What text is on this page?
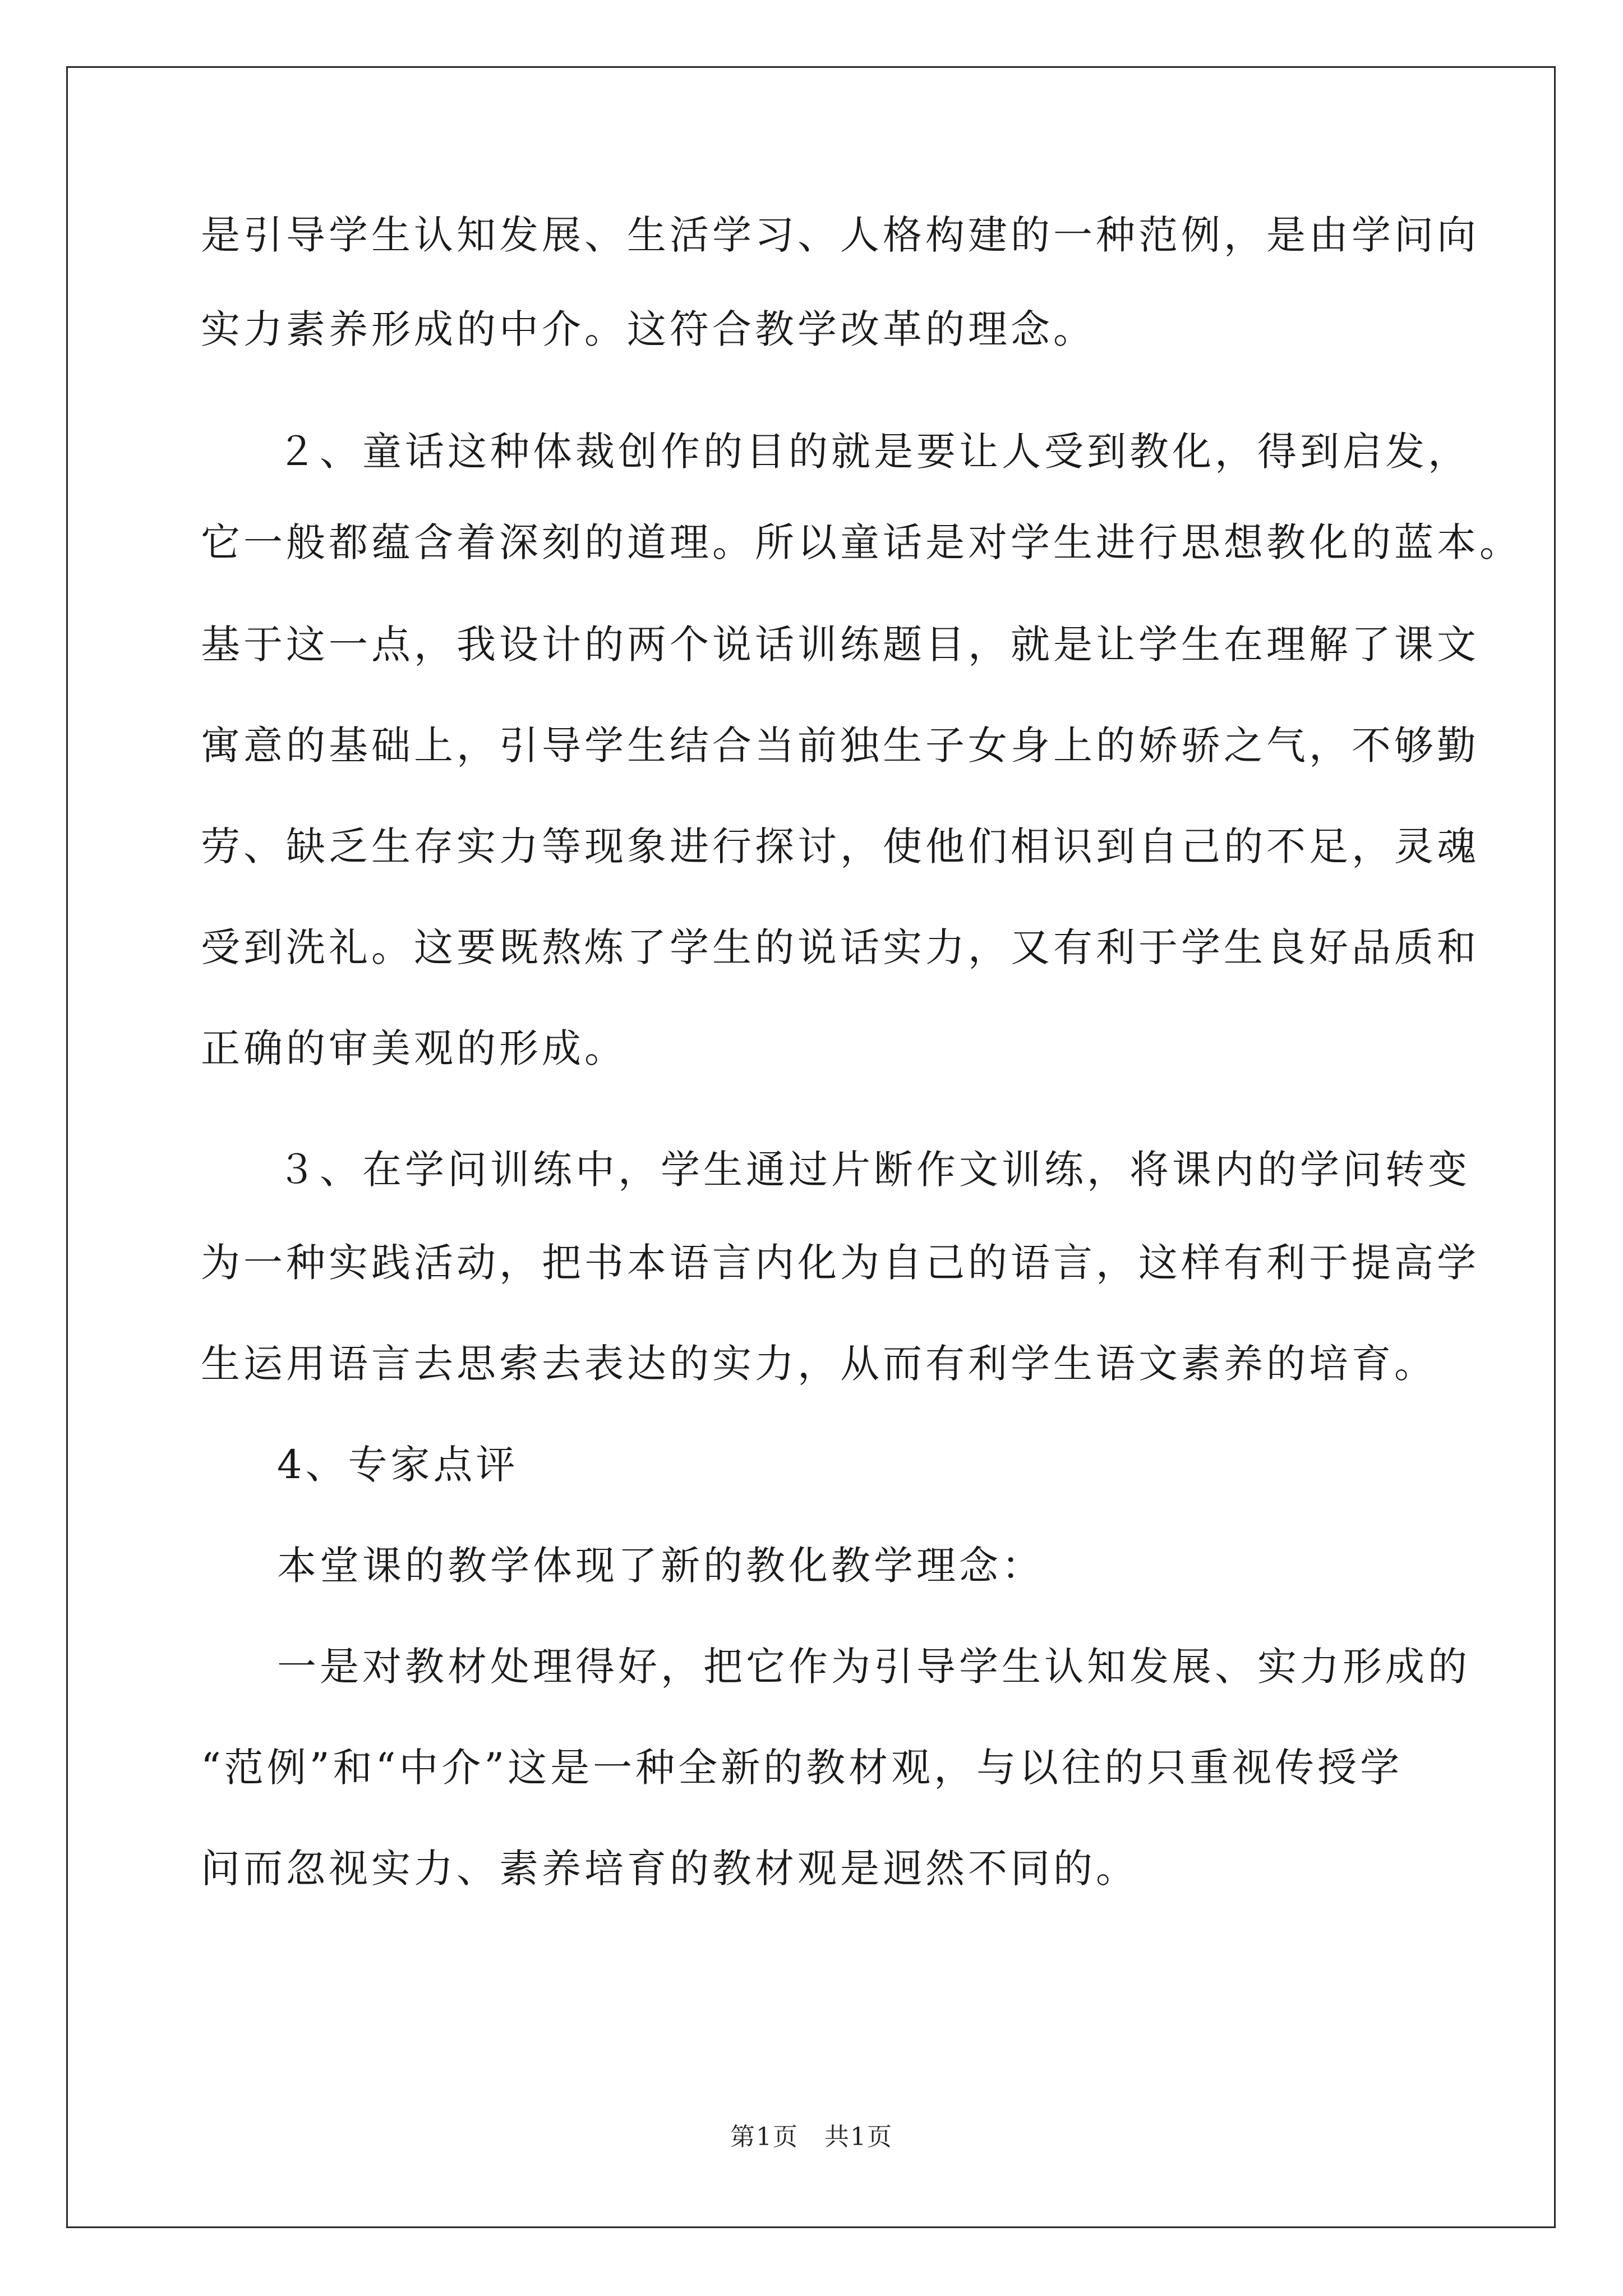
是引导学生认知发展、生活学习、人格构建的一种范例，是由学问向
实力素养形成的中介。这符合教学改革的理念。
２、童话这种体裁创作的目的就是要让人受到教化，得到启发，
它一般都蕴含着深刻的道理。所以童话是对学生进行思想教化的蓝本。
基于这一点，我设计的两个说话训练题目，就是让学生在理解了课文
寓意的基础上，引导学生结合当前独生子女身上的娇骄之气，不够勤
劳、缺乏生存实力等现象进行探讨，使他们相识到自己的不足，灵魂
受到洗礼。这要既熬炼了学生的说话实力，又有利于学生良好品质和
正确的审美观的形成。
３、在学问训练中，学生通过片断作文训练，将课内的学问转变
为一种实践活动，把书本语言内化为自己的语言，这样有利于提高学
生运用语言去思索去表达的实力，从而有利学生语文素养的培育。
4、专家点评
本堂课的教学体现了新的教化教学理念：
一是对教材处理得好，把它作为引导学生认知发展、实力形成的
“范例”和“中介”这是一种全新的教材观，与以往的只重视传授学
问而忽视实力、素养培育的教材观是迥然不同的。
第1页　共1页
